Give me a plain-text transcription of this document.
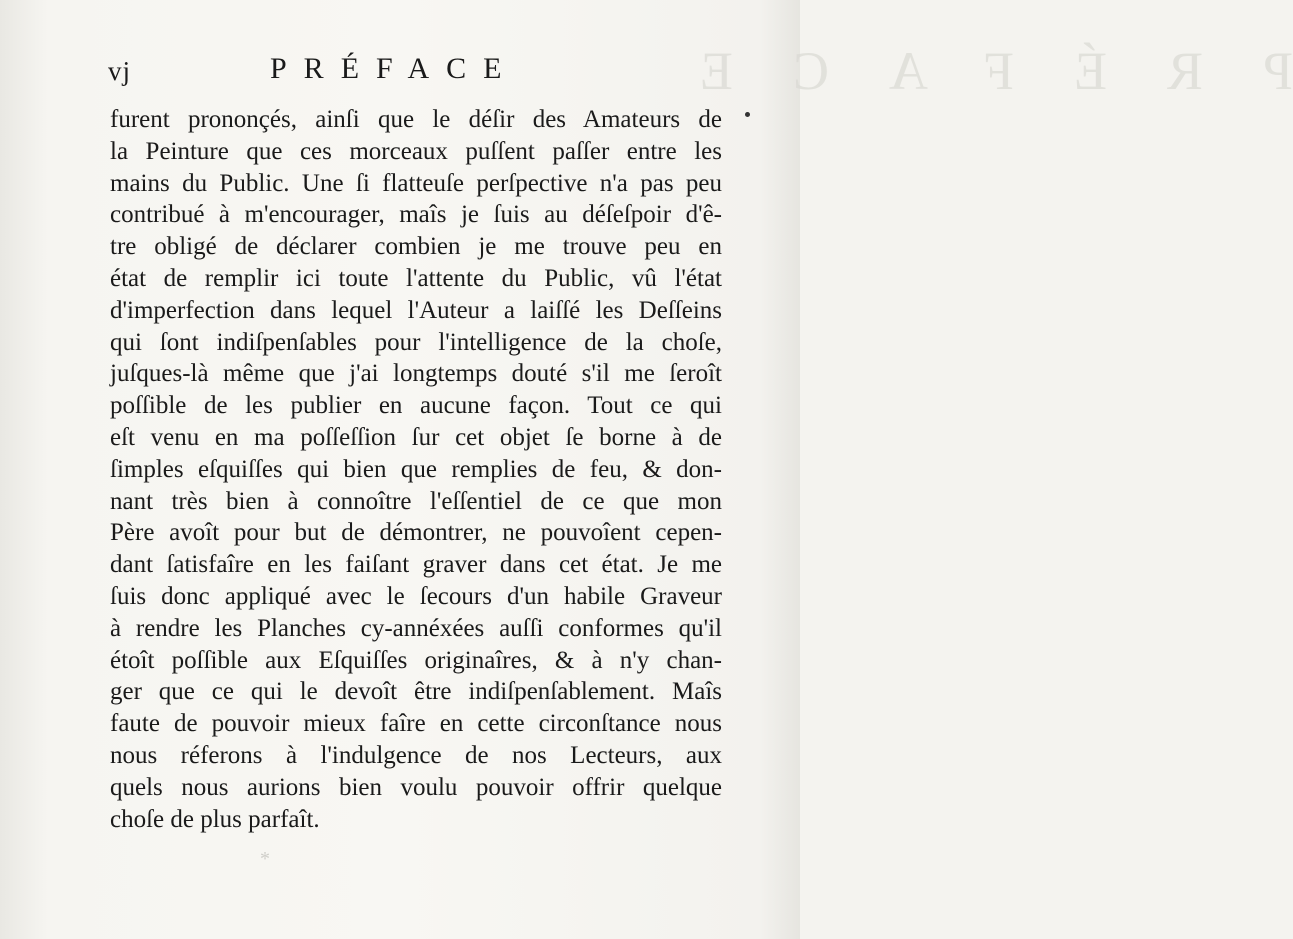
PRÉFACE
vj	PRÉFACE
furent prononçés, ainſi que le déſir des Amateurs de
la Peinture que ces morceaux puſſent paſſer entre les
mains du Public. Une ſi flatteuſe perſpective n'a pas peu
contribué à m'encourager, maîs je ſuis au déſeſpoir d'ê-
tre obligé de déclarer combien je me trouve peu en
état de remplir ici toute l'attente du Public, vû l'état
d'imperfection dans lequel l'Auteur a laiſſé les Deſſeins
qui ſont indiſpenſables pour l'intelligence de la choſe,
juſques-là même que j'ai longtemps douté s'il me ſeroît
poſſible de les publier en aucune façon. Tout ce qui
eſt venu en ma poſſeſſion ſur cet objet ſe borne à de
ſimples eſquiſſes qui bien que remplies de feu, & don-
nant très bien à connoître l'eſſentiel de ce que mon
Père avoît pour but de démontrer, ne pouvoîent cepen-
dant ſatisfaîre en les faiſant graver dans cet état. Je me
ſuis donc appliqué avec le ſecours d'un habile Graveur
à rendre les Planches cy-annéxées auſſi conformes qu'il
étoît poſſible aux Eſquiſſes originaîres, & à n'y chan-
ger que ce qui le devoît être indiſpenſablement. Maîs
faute de pouvoir mieux faîre en cette circonſtance nous
nous réferons à l'indulgence de nos Lecteurs, aux
quels nous aurions bien voulu pouvoir offrir quelque
choſe de plus parfaît.
*
